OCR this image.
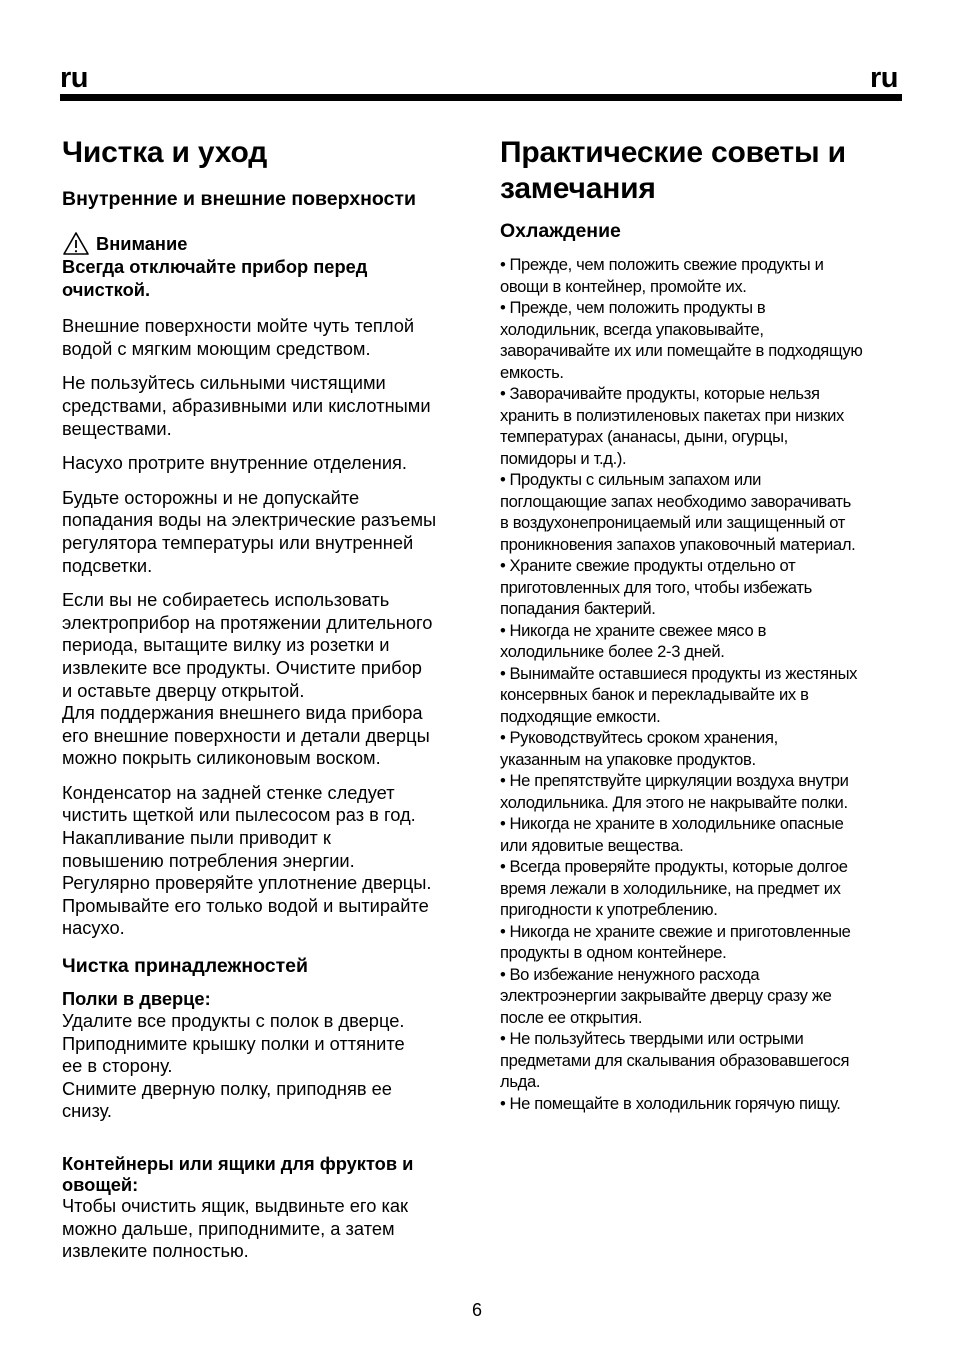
ru	ru
Чистка и уход
Внутренние и внешние поверхности
Внимание
Всегда отключайте прибор перед
очисткой.

Внешние поверхности мойте чуть теплой
водой с мягким моющим средством.

Не пользуйтесь сильными чистящими
средствами, абразивными или кислотными
веществами.

Насухо протрите внутренние отделения.

Будьте осторожны и не допускайте
попадания воды на электрические разъемы
регулятора температуры или внутренней
подсветки.

Если вы не собираетесь использовать
электроприбор на протяжении длительного
периода, вытащите вилку из розетки и
извлеките все продукты. Очистите прибор
и оставьте дверцу открытой.
Для поддержания внешнего вида прибора
его внешние поверхности и детали дверцы
можно покрыть силиконовым воском.

Конденсатор на задней стенке следует
чистить щеткой или пылесосом раз в год.
Накапливание пыли приводит к
повышению потребления энергии.
Регулярно проверяйте уплотнение дверцы.
Промывайте его только водой и вытирайте
насухо.

Чистка принадлежностей
Полки в дверце:

Удалите все продукты с полок в дверце.
Приподнимите крышку полки и оттяните
ее в сторону.
Снимите дверную полку, приподняв ее
снизу.

Контейнеры или ящики для фруктов и
овощей:

Чтобы очистить ящик, выдвиньте его как
можно дальше, приподнимите, а затем
извлеките полностью.

Практические советы и
замечания
Охлаждение
• Прежде, чем положить свежие продукты и
овощи в контейнер, промойте их.
• Прежде, чем положить продукты в
холодильник, всегда упаковывайте,
заворачивайте их или помещайте в подходящую
емкость.
• Заворачивайте продукты, которые нельзя
хранить в полиэтиленовых пакетах при низких
температурах (ананасы, дыни, огурцы,
помидоры и т.д.).
• Продукты с сильным запахом или
поглощающие запах необходимо заворачивать
в воздухонепроницаемый или защищенный от
проникновения запахов упаковочный материал.
• Храните свежие продукты отдельно от
приготовленных для того, чтобы избежать
попадания бактерий.
• Никогда не храните свежее мясо в
холодильнике более 2-3 дней.
• Вынимайте оставшиеся продукты из жестяных
консервных банок и перекладывайте их в
подходящие емкости.
• Руководствуйтесь сроком хранения,
указанным на упаковке продуктов.
• Не препятствуйте циркуляции воздуха внутри
холодильника. Для этого не накрывайте полки.
• Никогда не храните в холодильнике опасные
или ядовитые вещества.
• Всегда проверяйте продукты, которые долгое
время лежали в холодильнике, на предмет их
пригодности к употреблению.
• Никогда не храните свежие и приготовленные
продукты в одном контейнере.
• Во избежание ненужного расхода
электроэнергии закрывайте дверцу сразу же
после ее открытия.
• Не пользуйтесь твердыми или острыми
предметами для скалывания образовавшегося
льда.
• Не помещайте в холодильник горячую пищу.
6
